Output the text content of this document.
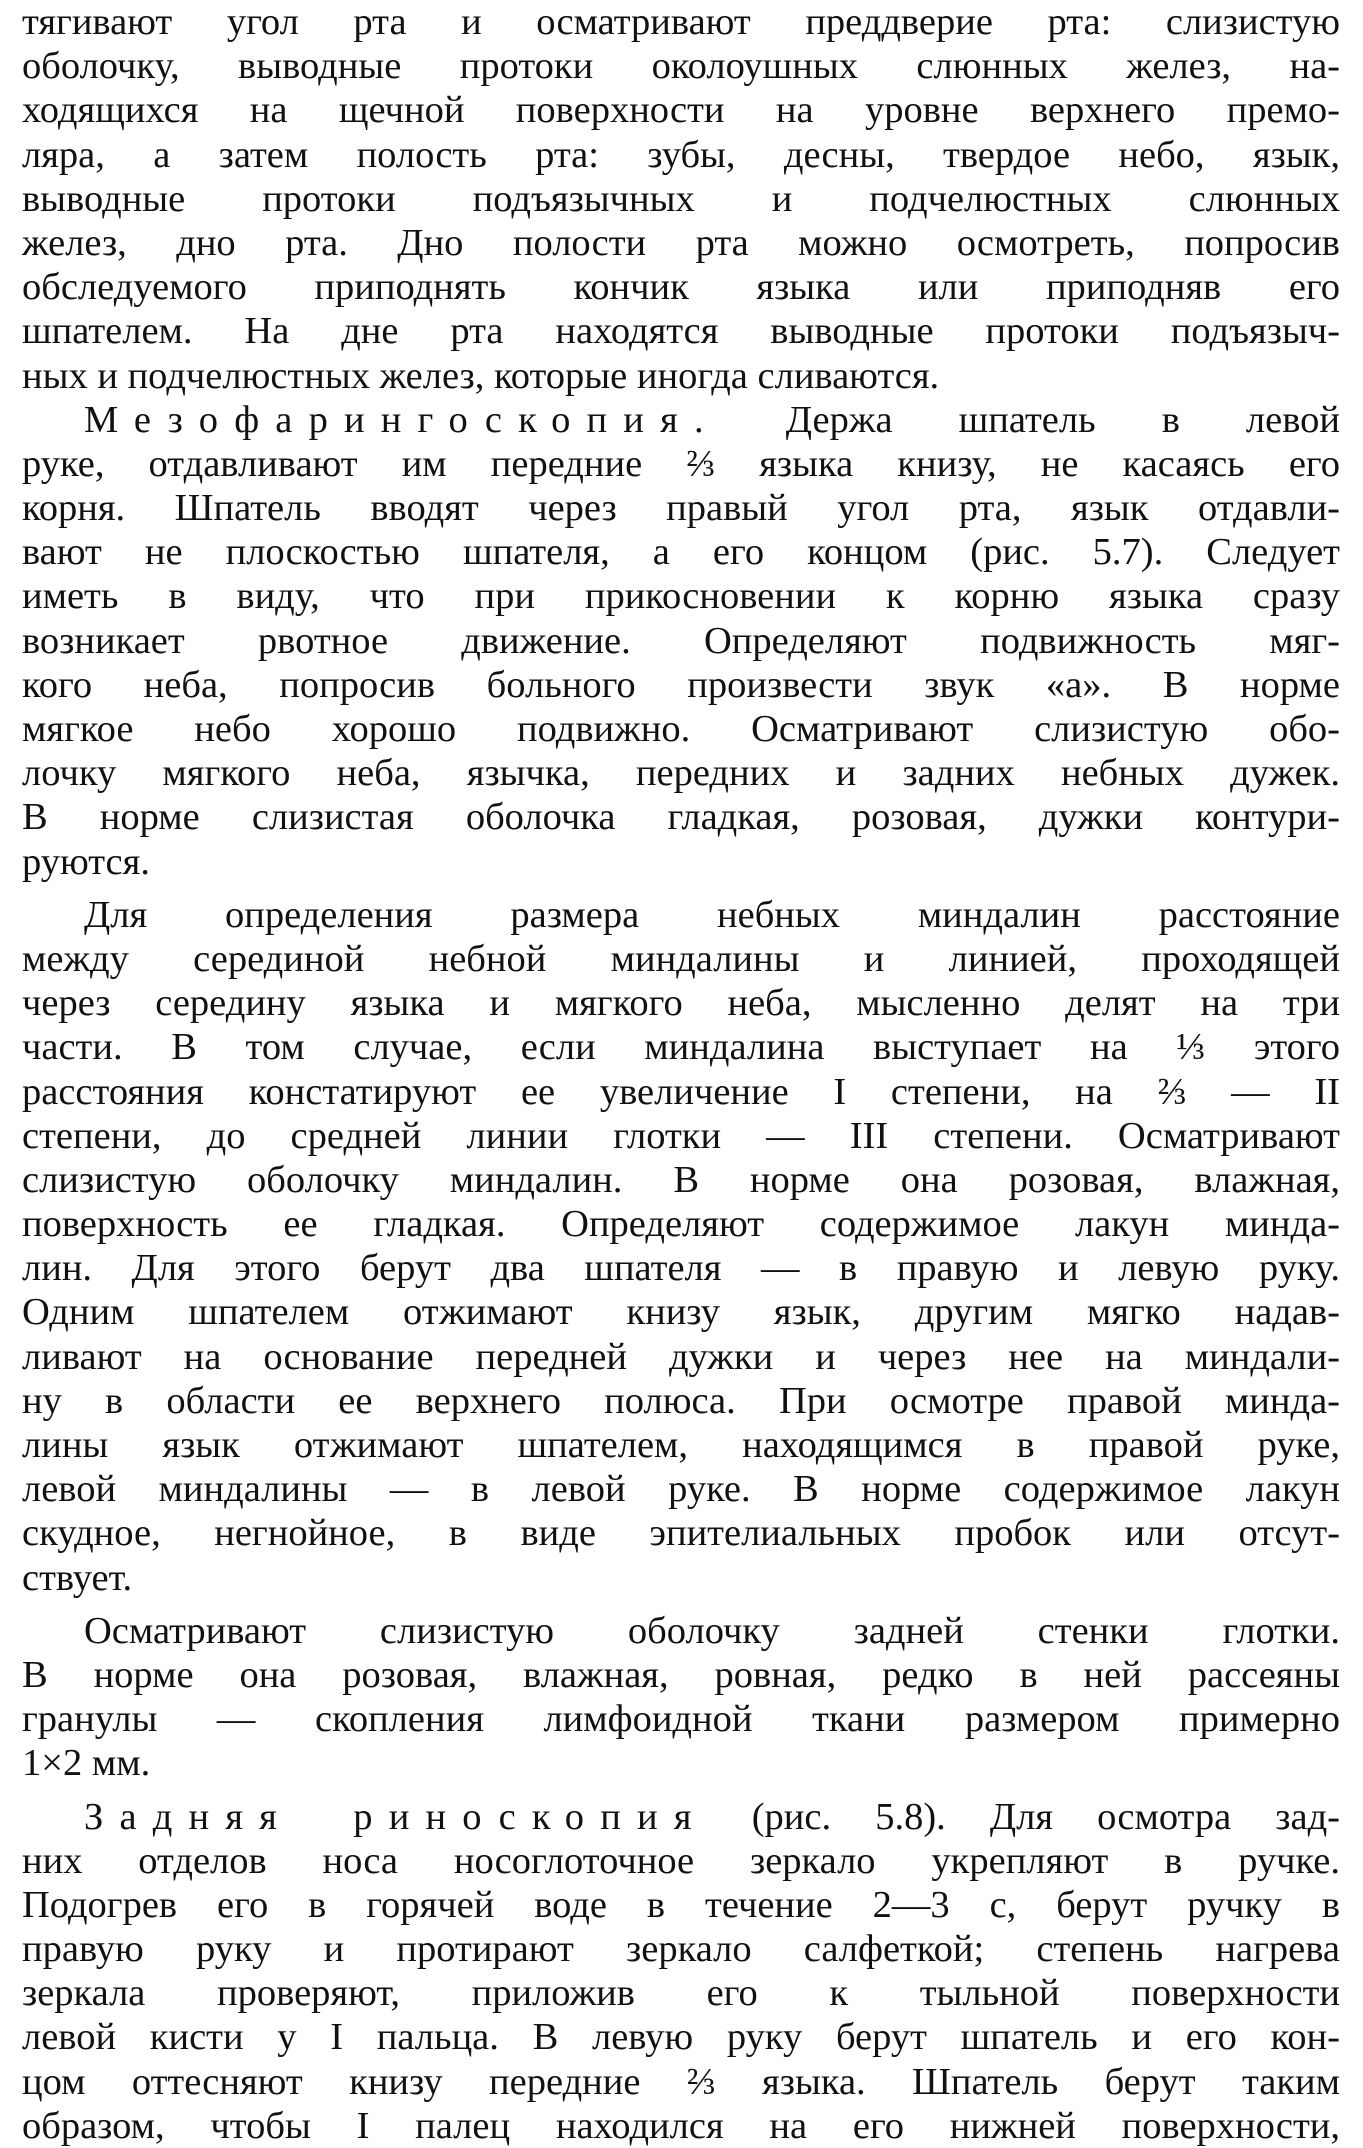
тягивают угол рта и осматривают преддверие рта: слизистую
оболочку, выводные протоки околоушных слюнных желез, на-
ходящихся на щечной поверхности на уровне верхнего премо-
ляра, а затем полость рта: зубы, десны, твердое небо, язык,
выводные протоки подъязычных и подчелюстных слюнных
желез, дно рта. Дно полости рта можно осмотреть, попросив
обследуемого приподнять кончик языка или приподняв его
шпателем. На дне рта находятся выводные протоки подъязыч-
ных и подчелюстных желез, которые иногда сливаются.
Мезофарингоскопия. Держа шпатель в левой
руке, отдавливают им передние ⅔ языка книзу, не касаясь его
корня. Шпатель вводят через правый угол рта, язык отдавли-
вают не плоскостью шпателя, а его концом (рис. 5.7). Следует
иметь в виду, что при прикосновении к корню языка сразу
возникает рвотное движение. Определяют подвижность мяг-
кого неба, попросив больного произвести звук «а». В норме
мягкое небо хорошо подвижно. Осматривают слизистую обо-
лочку мягкого неба, язычка, передних и задних небных дужек.
В норме слизистая оболочка гладкая, розовая, дужки контури-
руются.
Для определения размера небных миндалин расстояние
между серединой небной миндалины и линией, проходящей
через середину языка и мягкого неба, мысленно делят на три
части. В том случае, если миндалина выступает на ⅓ этого
расстояния констатируют ее увеличение I степени, на ⅔ — II
степени, до средней линии глотки — III степени. Осматривают
слизистую оболочку миндалин. В норме она розовая, влажная,
поверхность ее гладкая. Определяют содержимое лакун минда-
лин. Для этого берут два шпателя — в правую и левую руку.
Одним шпателем отжимают книзу язык, другим мягко надав-
ливают на основание передней дужки и через нее на миндали-
ну в области ее верхнего полюса. При осмотре правой минда-
лины язык отжимают шпателем, находящимся в правой руке,
левой миндалины — в левой руке. В норме содержимое лакун
скудное, негнойное, в виде эпителиальных пробок или отсут-
ствует.
Осматривают слизистую оболочку задней стенки глотки.
В норме она розовая, влажная, ровная, редко в ней рассеяны
гранулы — скопления лимфоидной ткани размером примерно
1×2 мм.
Задняя риноскопия (рис. 5.8). Для осмотра зад-
них отделов носа носоглоточное зеркало укрепляют в ручке.
Подогрев его в горячей воде в течение 2—3 с, берут ручку в
правую руку и протирают зеркало салфеткой; степень нагрева
зеркала проверяют, приложив его к тыльной поверхности
левой кисти у I пальца. В левую руку берут шпатель и его кон-
цом оттесняют книзу передние ⅔ языка. Шпатель берут таким
образом, чтобы I палец находился на его нижней поверхности,
